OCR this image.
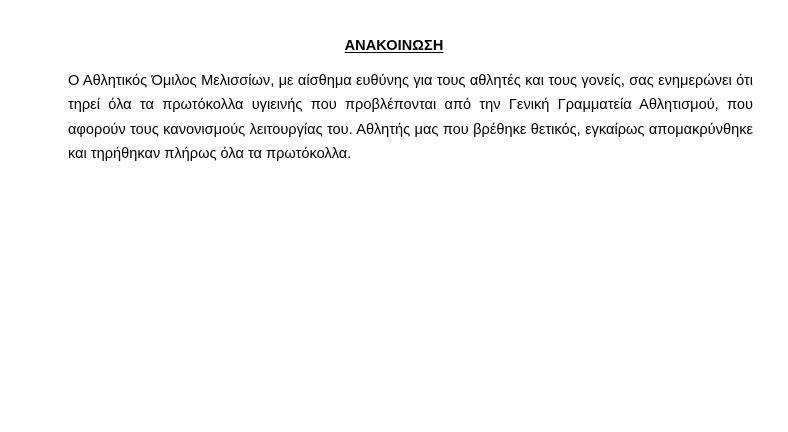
ΑΝΑΚΟΙΝΩΣΗ

Ο Αθλητικός Όμιλος Μελισσίων, με αίσθημα ευθύνης για τους αθλητές και τους γονείς, σας ενημερώνει ότι τηρεί όλα τα πρωτόκολλα υγιεινής που προβλέπονται από την Γενική Γραμματεία Αθλητισμού, που αφορούν τους κανονισμούς λειτουργίας του. Αθλητής μας που βρέθηκε θετικός, εγκαίρως απομακρύνθηκε και τηρήθηκαν πλήρως όλα τα πρωτόκολλα.
